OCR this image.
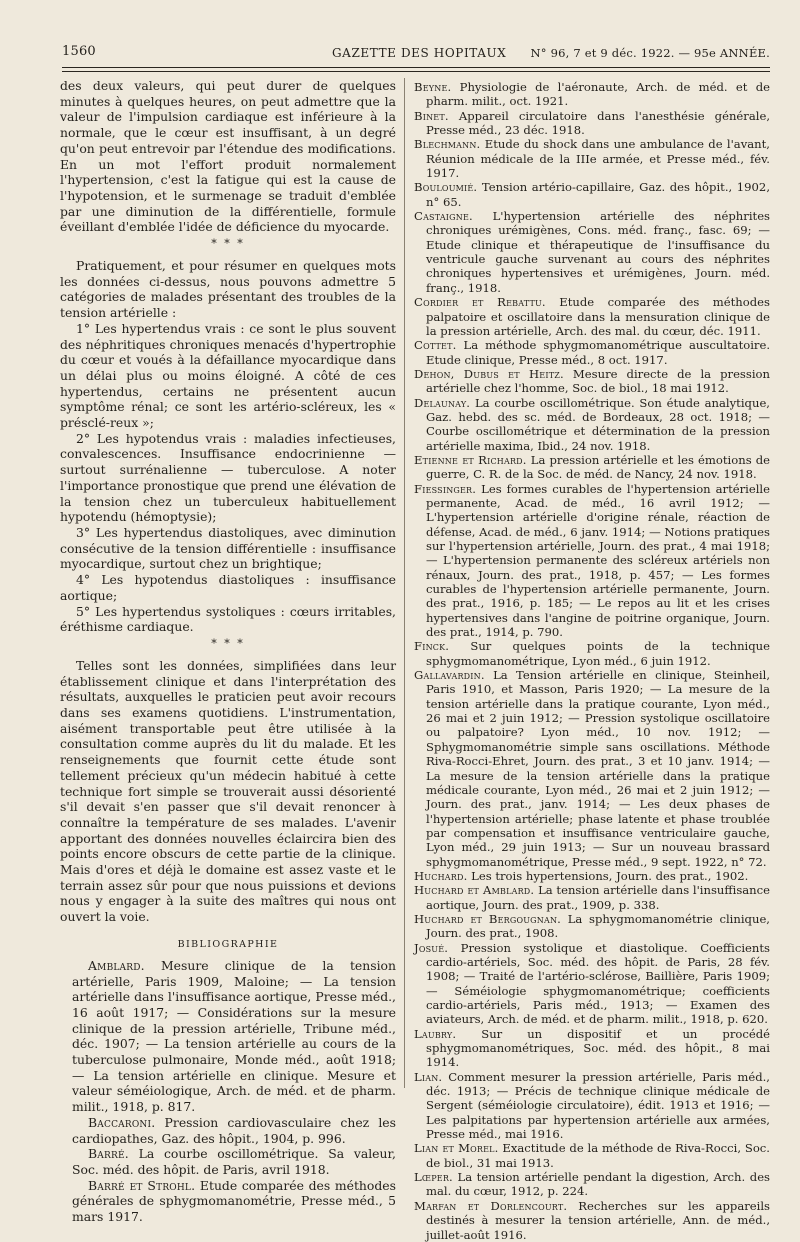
1560	GAZETTE DES HOPITAUX N° 96, 7 et 9 déc. 1922. — 95e ANNÉE.

des deux valeurs, qui peut durer de quelques minutes à quelques heures, on peut admettre que la valeur de l'impulsion cardiaque est inférieure à la normale, que le cœur est insuffisant, à un degré qu'on peut entrevoir par l'étendue des modifications. En un mot l'effort produit normalement l'hypertension, c'est la fatigue qui est la cause de l'hypotension, et le surmenage se traduit d'emblée par une diminution de la différentielle, formule éveillant d'emblée l'idée de déficience du myocarde.

* * *

Pratiquement, et pour résumer en quelques mots les données ci-dessus, nous pouvons admettre 5 catégories de malades présentant des troubles de la tension artérielle :

1° Les hypertendus vrais : ce sont le plus souvent des néphritiques chroniques menacés d'hypertrophie du cœur et voués à la défaillance myocardique dans un délai plus ou moins éloigné. A côté de ces hypertendus, certains ne présentent aucun symptôme rénal; ce sont les artério-scléreux, les « présclé-reux »;

2° Les hypotendus vrais : maladies infectieuses, convalescences. Insuffisance endocrinienne — surtout surrénalienne — tuberculose. A noter l'importance pronostique que prend une élévation de la tension chez un tuberculeux habituellement hypotendu (hémoptysie);

3° Les hypertendus diastoliques, avec diminution consécutive de la tension différentielle : insuffisance myocardique, surtout chez un brightique;

4° Les hypotendus diastoliques : insuffisance aortique;

5° Les hypertendus systoliques : cœurs irritables, éréthisme cardiaque.

* * *

Telles sont les données, simplifiées dans leur établissement clinique et dans l'interprétation des résultats, auxquelles le praticien peut avoir recours dans ses examens quotidiens. L'instrumentation, aisément transportable peut être utilisée à la consultation comme auprès du lit du malade. Et les renseignements que fournit cette étude sont tellement précieux qu'un médecin habitué à cette technique fort simple se trouverait aussi désorienté s'il devait s'en passer que s'il devait renoncer à connaître la température de ses malades. L'avenir apportant des données nouvelles éclaircira bien des points encore obscurs de cette partie de la clinique. Mais d'ores et déjà le domaine est assez vaste et le terrain assez sûr pour que nous puissions et devions nous y engager à la suite des maîtres qui nous ont ouvert la voie.

BIBLIOGRAPHIE

Amblard. Mesure clinique de la tension artérielle, Paris 1909, Maloine; — La tension artérielle dans l'insuffisance aortique, Presse méd., 16 août 1917; — Considérations sur la mesure clinique de la pression artérielle, Tribune méd., déc. 1907; — La tension artérielle au cours de la tuberculose pulmonaire, Monde méd., août 1918; — La tension artérielle en clinique. Mesure et valeur séméiologique, Arch. de méd. et de pharm. milit., 1918, p. 817.

Baccaroni. Pression cardiovasculaire chez les cardiopathes, Gaz. des hôpit., 1904, p. 996.

Barré. La courbe oscillométrique. Sa valeur, Soc. méd. des hôpit. de Paris, avril 1918.

Barré et Strohl. Etude comparée des méthodes générales de sphygmomanométrie, Presse méd., 5 mars 1917.

Beyne. Physiologie de l'aéronaute, Arch. de méd. et de pharm. milit., oct. 1921.

Binet. Appareil circulatoire dans l'anesthésie générale, Presse méd., 23 déc. 1918.

Blechmann. Etude du shock dans une ambulance de l'avant, Réunion médicale de la IIIe armée, et Presse méd., fév. 1917.

Bouloumié. Tension artério-capillaire, Gaz. des hôpit., 1902, n° 65.

Castaigne. L'hypertension artérielle des néphrites chroniques urémigènes, Cons. méd. franç., fasc. 69; — Etude clinique et thérapeutique de l'insuffisance du ventricule gauche survenant au cours des néphrites chroniques hypertensives et urémigènes, Journ. méd. franç., 1918.

Cordier et Rebattu. Etude comparée des méthodes palpatoire et oscillatoire dans la mensuration clinique de la pression artérielle, Arch. des mal. du cœur, déc. 1911.

Cottet. La méthode sphygmomanométrique auscultatoire. Etude clinique, Presse méd., 8 oct. 1917.

Dehon, Dubus et Heitz. Mesure directe de la pression artérielle chez l'homme, Soc. de biol., 18 mai 1912.

Delaunay. La courbe oscillométrique. Son étude analytique, Gaz. hebd. des sc. méd. de Bordeaux, 28 oct. 1918; — Courbe oscillométrique et détermination de la pression artérielle maxima, Ibid., 24 nov. 1918.

Etienne et Richard. La pression artérielle et les émotions de guerre, C. R. de la Soc. de méd. de Nancy, 24 nov. 1918.

Fiessinger. Les formes curables de l'hypertension artérielle permanente, Acad. de méd., 16 avril 1912; — L'hypertension artérielle d'origine rénale, réaction de défense, Acad. de méd., 6 janv. 1914; — Notions pratiques sur l'hypertension artérielle, Journ. des prat., 4 mai 1918; — L'hypertension permanente des scléreux artériels non rénaux, Journ. des prat., 1918, p. 457; — Les formes curables de l'hypertension artérielle permanente, Journ. des prat., 1916, p. 185; — Le repos au lit et les crises hypertensives dans l'angine de poitrine organique, Journ. des prat., 1914, p. 790.

Finck. Sur quelques points de la technique sphygmomanométrique, Lyon méd., 6 juin 1912.

Gallavardin. La Tension artérielle en clinique, Steinheil, Paris 1910, et Masson, Paris 1920; — La mesure de la tension artérielle dans la pratique courante, Lyon méd., 26 mai et 2 juin 1912; — Pression systolique oscillatoire ou palpatoire? Lyon méd., 10 nov. 1912; — Sphygmomanométrie simple sans oscillations. Méthode Riva-Rocci-Ehret, Journ. des prat., 3 et 10 janv. 1914; — La mesure de la tension artérielle dans la pratique médicale courante, Lyon méd., 26 mai et 2 juin 1912; — Journ. des prat., janv. 1914; — Les deux phases de l'hypertension artérielle; phase latente et phase troublée par compensation et insuffisance ventriculaire gauche, Lyon méd., 29 juin 1913; — Sur un nouveau brassard sphygmomanométrique, Presse méd., 9 sept. 1922, n° 72.

Huchard. Les trois hypertensions, Journ. des prat., 1902.

Huchard et Amblard. La tension artérielle dans l'insuffisance aortique, Journ. des prat., 1909, p. 338.

Huchard et Bergougnan. La sphygmomanométrie clinique, Journ. des prat., 1908.

Josué. Pression systolique et diastolique. Coefficients cardio-artériels, Soc. méd. des hôpit. de Paris, 28 fév. 1908; — Traité de l'artério-sclérose, Baillière, Paris 1909; — Séméiologie sphygmomanométrique; coefficients cardio-artériels, Paris méd., 1913; — Examen des aviateurs, Arch. de méd. et de pharm. milit., 1918, p. 620.

Laubry. Sur un dispositif et un procédé sphygmomanométriques, Soc. méd. des hôpit., 8 mai 1914.

Lian. Comment mesurer la pression artérielle, Paris méd., déc. 1913; — Précis de technique clinique médicale de Sergent (séméiologie circulatoire), édit. 1913 et 1916; — Les palpitations par hypertension artérielle aux armées, Presse méd., mai 1916.

Lian et Morel. Exactitude de la méthode de Riva-Rocci, Soc. de biol., 31 mai 1913.

Lœper. La tension artérielle pendant la digestion, Arch. des mal. du cœur, 1912, p. 224.

Marfan et Dorlencourt. Recherches sur les appareils destinés à mesurer la tension artérielle, Ann. de méd., juillet-août 1916.
